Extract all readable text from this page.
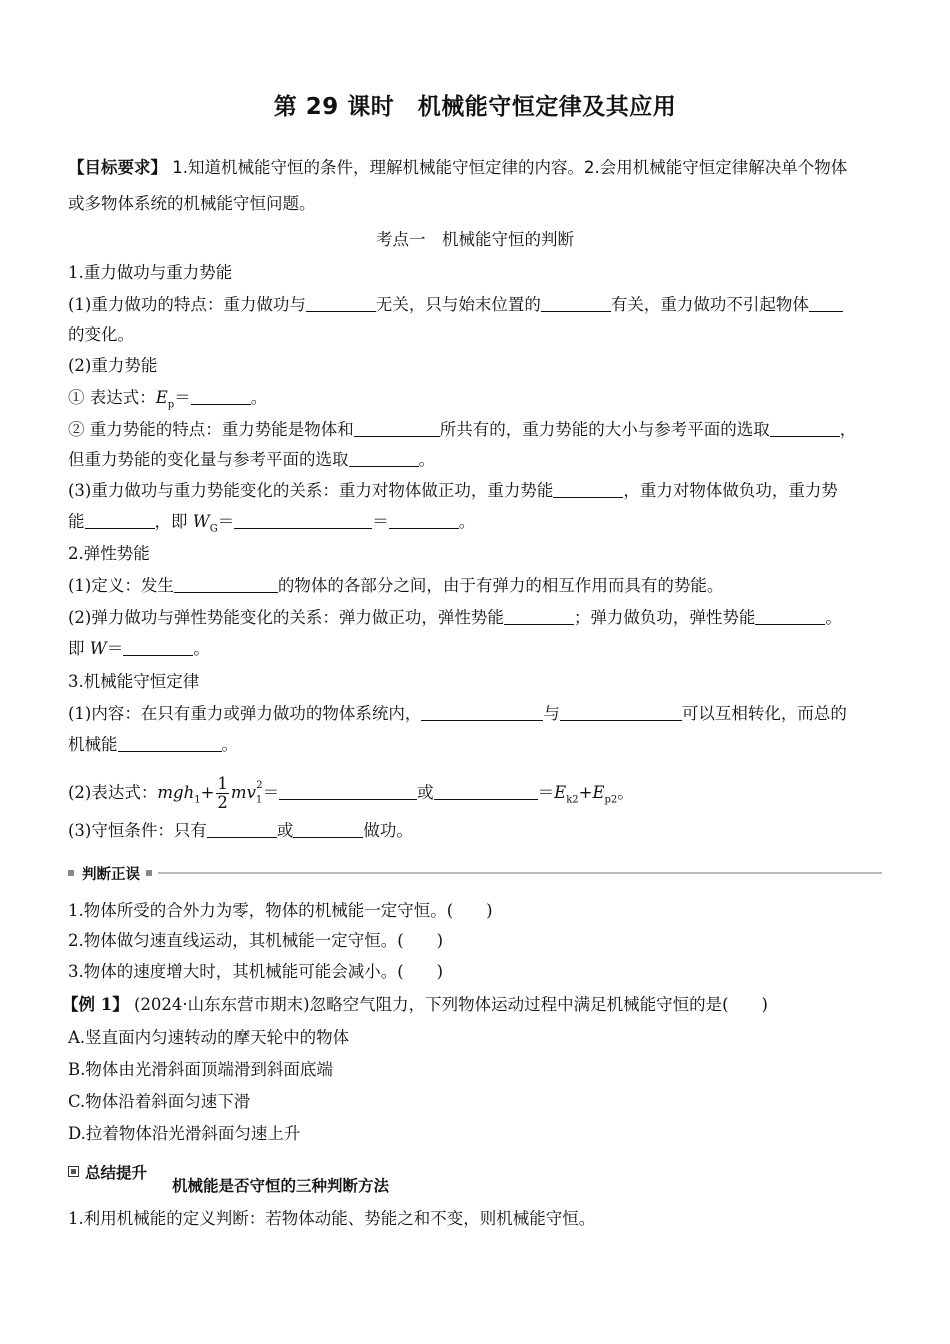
第 29 课时　机械能守恒定律及其应用
【目标要求】 1.知道机械能守恒的条件，理解机械能守恒定律的内容。2.会用机械能守恒定律解决单个物体
或多物体系统的机械能守恒问题。
考点一　机械能守恒的判断
1.重力做功与重力势能
(1)重力做功的特点：重力做功与	无关，只与始末位置的	有关，重力做功不引起物体
的变化。
(2)重力势能
① 表达式：$E_p=$	。
② 重力势能的特点：重力势能是物体和	所共有的，重力势能的大小与参考平面的选取	，
但重力势能的变化量与参考平面的选取	。
(3)重力做功与重力势能变化的关系：重力对物体做正功，重力势能	，重力对物体做负功，重力势
能	，即 $W_G=$	＝	。
2.弹性势能
(1)定义：发生	的物体的各部分之间，由于有弹力的相互作用而具有的势能。
(2)弹力做功与弹性势能变化的关系：弹力做正功，弹性势能	；弹力做负功，弹性势能	。
即 W＝	。
3.机械能守恒定律
(1)内容：在只有重力或弹力做功的物体系统内，	与	可以互相转化，而总的
机械能	。
(2)表达式：$mgh_1+ \frac{1}{2} mv_1^2=$	或	$=E_{k2}+E_{p2}$。
(3)守恒条件：只有	或	做功。
判断正误
1.物体所受的合外力为零，物体的机械能一定守恒。(　　)
2.物体做匀速直线运动，其机械能一定守恒。(　　)
3.物体的速度增大时，其机械能可能会减小。(　　)
【例 1】 (2024·山东东营市期末)忽略空气阻力，下列物体运动过程中满足机械能守恒的是(　　)
A.竖直面内匀速转动的摩天轮中的物体
B.物体由光滑斜面顶端滑到斜面底端
C.物体沿着斜面匀速下滑
D.拉着物体沿光滑斜面匀速上升
总结提升
机械能是否守恒的三种判断方法
1.利用机械能的定义判断：若物体动能、势能之和不变，则机械能守恒。
